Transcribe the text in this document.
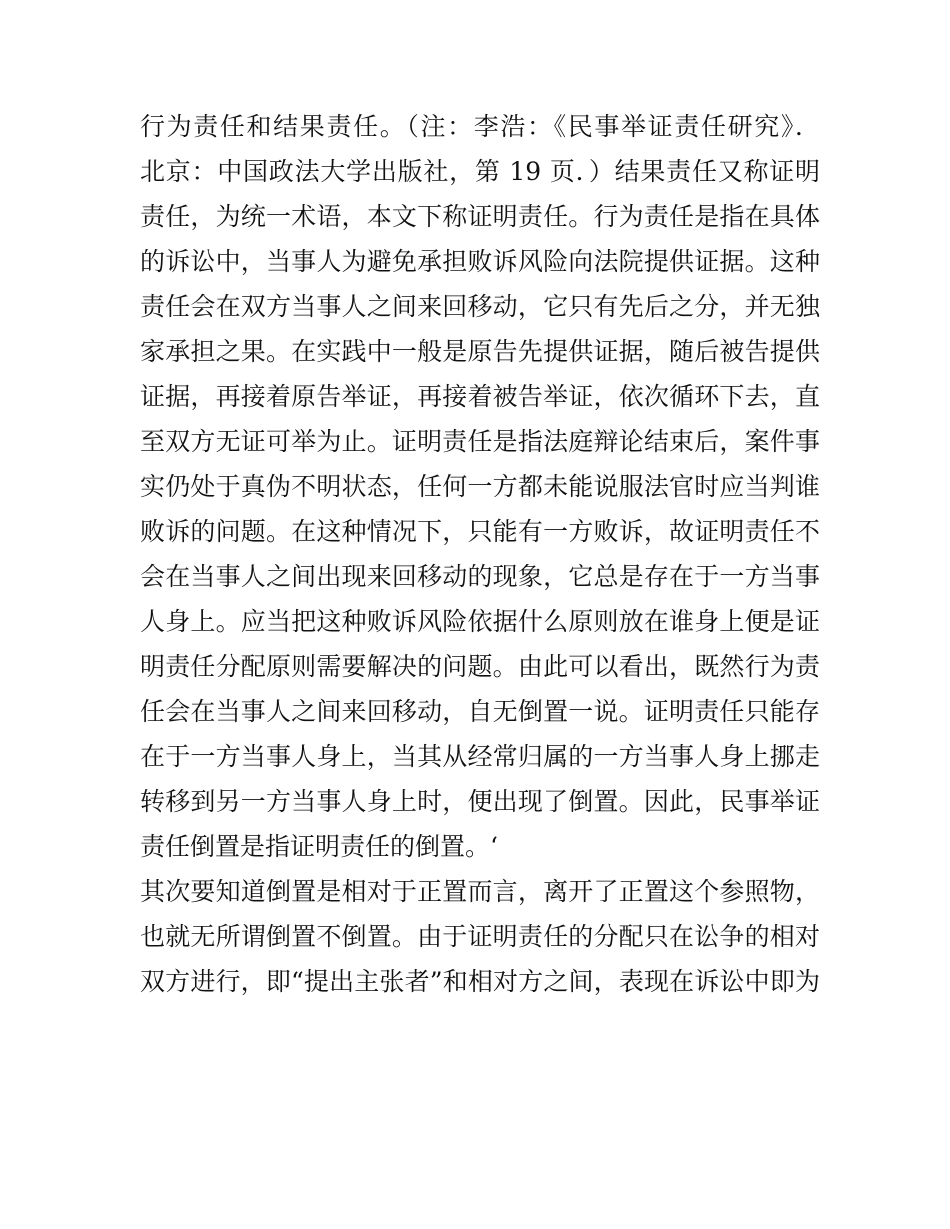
行为责任和结果责任。（注：李浩：《民事举证责任研究》．
北京：中国政法大学出版社，第 19 页．）结果责任又称证明
责任，为统一术语，本文下称证明责任。行为责任是指在具体
的诉讼中，当事人为避免承担败诉风险向法院提供证据。这种
责任会在双方当事人之间来回移动，它只有先后之分，并无独
家承担之果。在实践中一般是原告先提供证据，随后被告提供
证据，再接着原告举证，再接着被告举证，依次循环下去，直
至双方无证可举为止。证明责任是指法庭辩论结束后，案件事
实仍处于真伪不明状态，任何一方都未能说服法官时应当判谁
败诉的问题。在这种情况下，只能有一方败诉，故证明责任不
会在当事人之间出现来回移动的现象，它总是存在于一方当事
人身上。应当把这种败诉风险依据什么原则放在谁身上便是证
明责任分配原则需要解决的问题。由此可以看出，既然行为责
任会在当事人之间来回移动，自无倒置一说。证明责任只能存
在于一方当事人身上，当其从经常归属的一方当事人身上挪走
转移到另一方当事人身上时，便出现了倒置。因此，民事举证
责任倒置是指证明责任的倒置。‘
其次要知道倒置是相对于正置而言，离开了正置这个参照物，
也就无所谓倒置不倒置。由于证明责任的分配只在讼争的相对
双方进行，即“提出主张者”和相对方之间，表现在诉讼中即为
